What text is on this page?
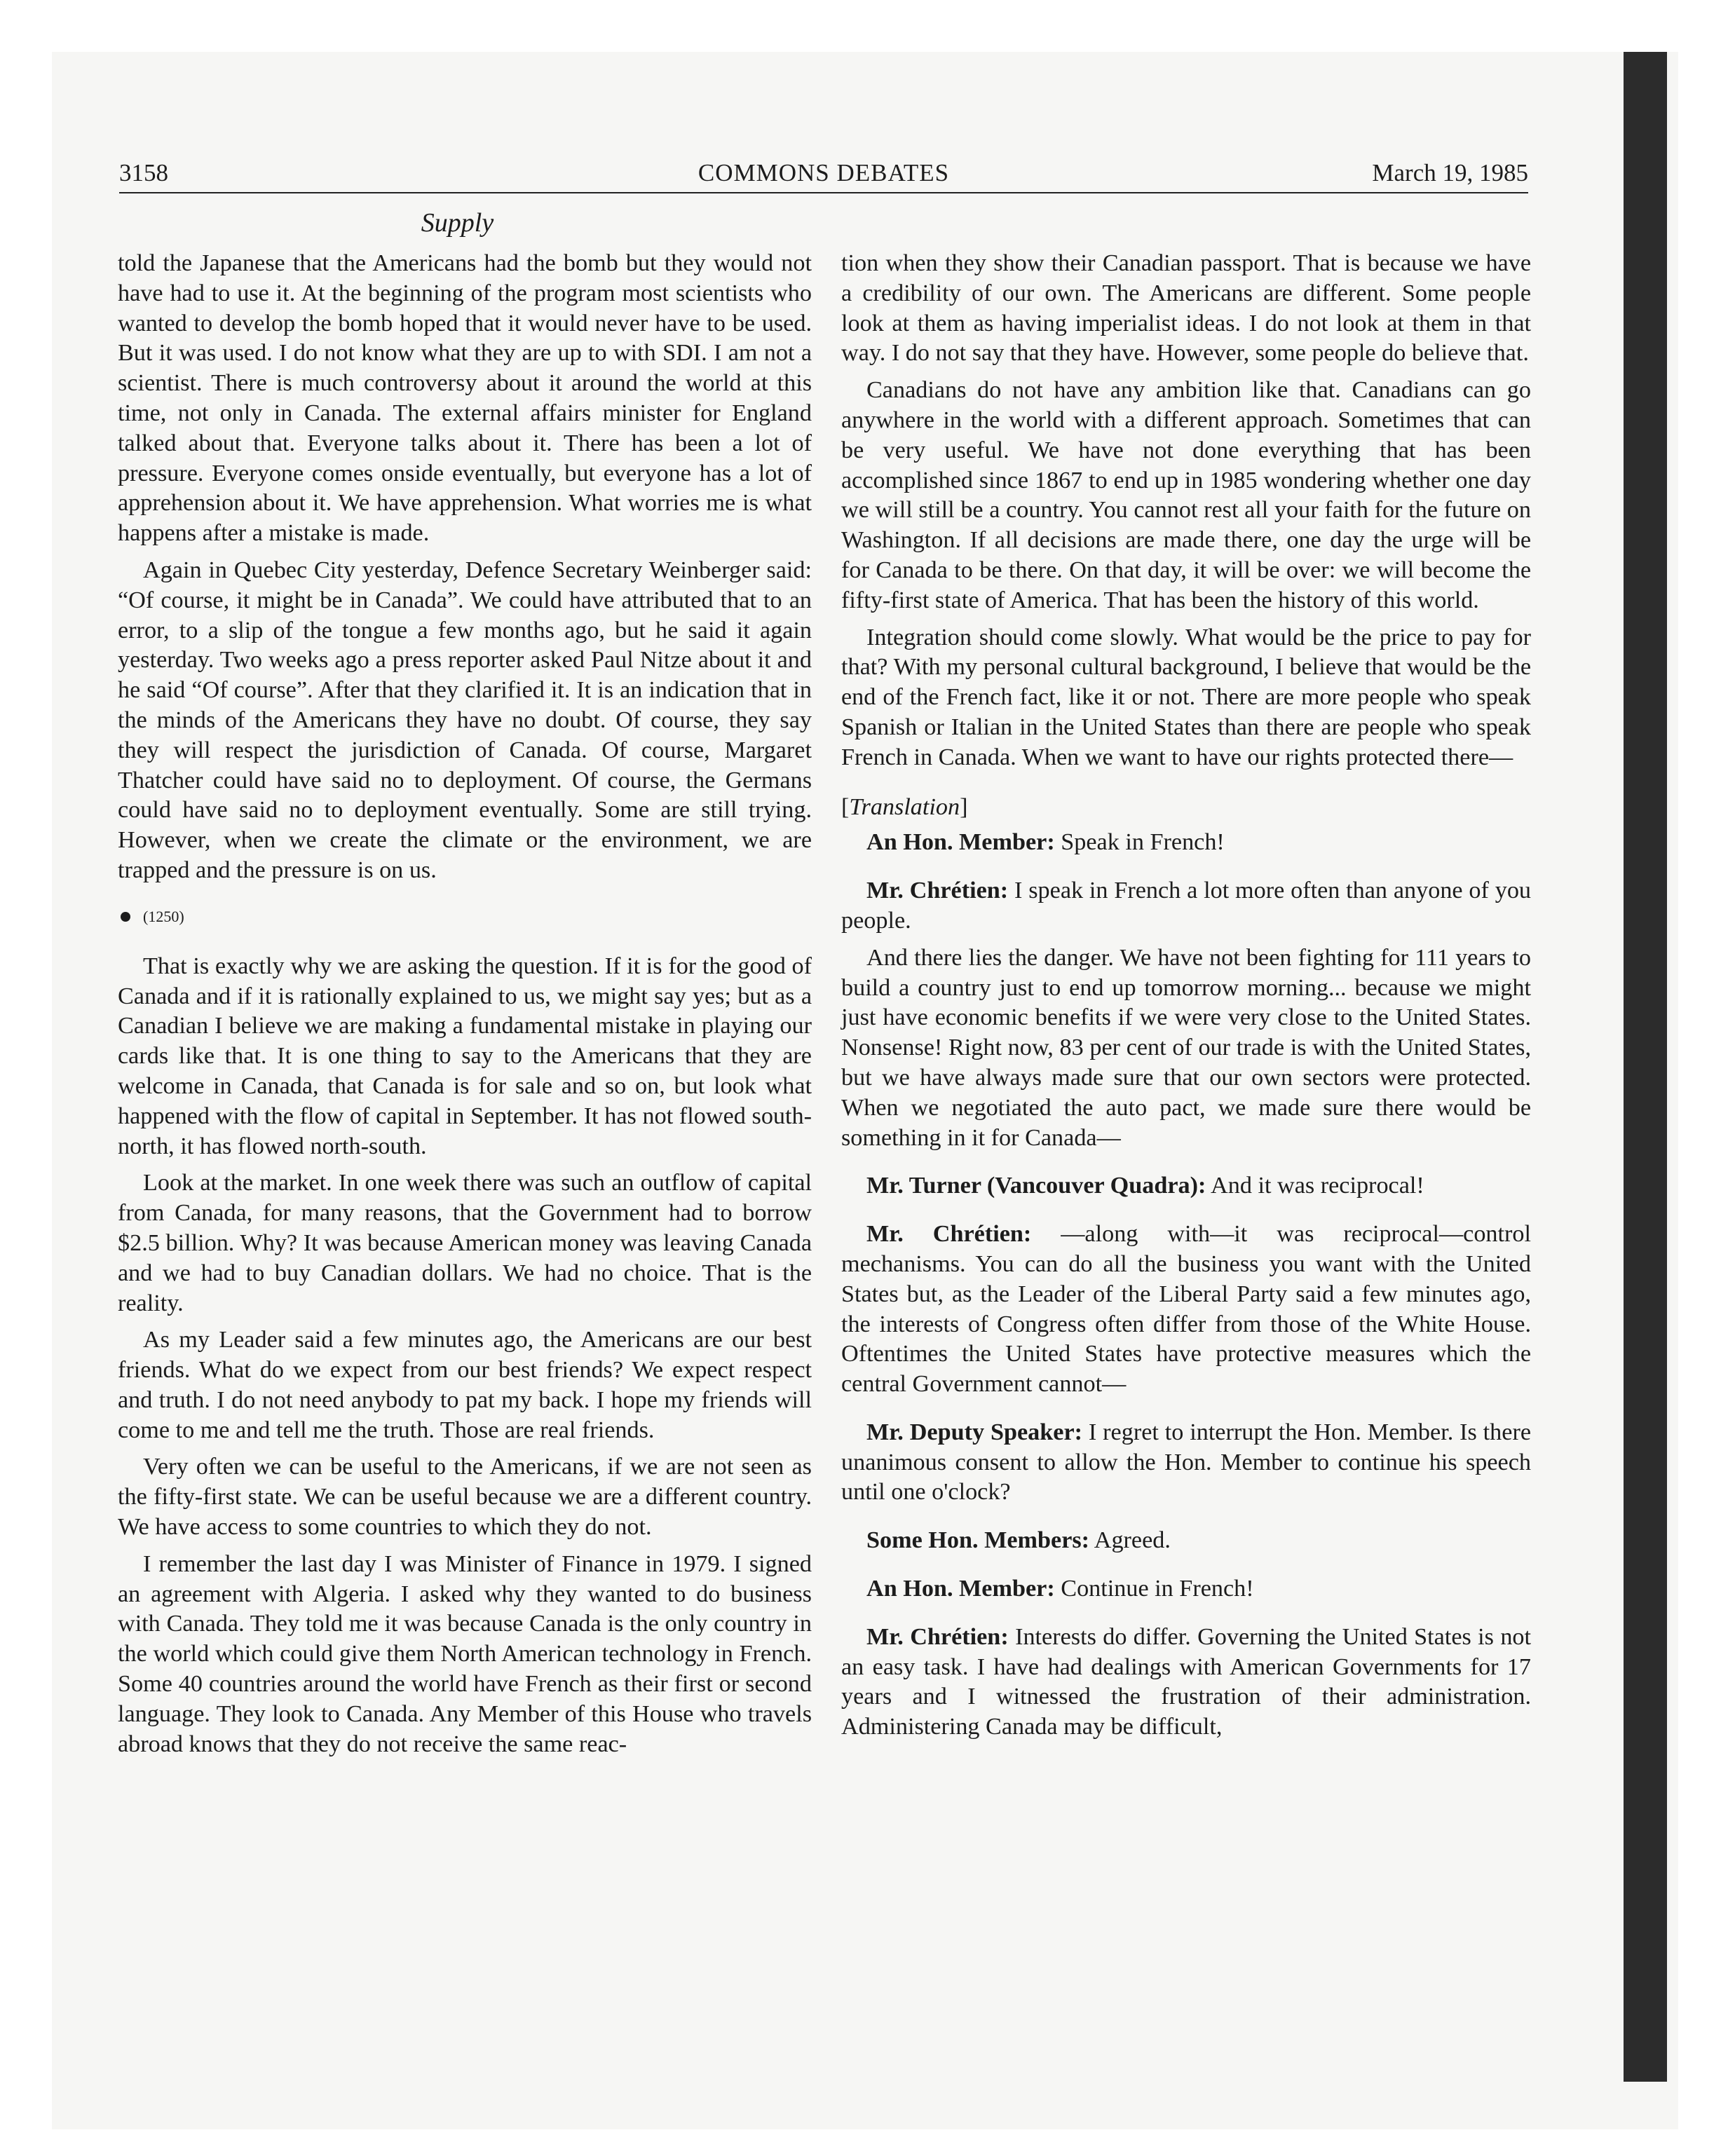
3158	COMMONS DEBATES	March 19, 1985
Supply

told the Japanese that the Americans had the bomb but they would not have had to use it. At the beginning of the program most scientists who wanted to develop the bomb hoped that it would never have to be used. But it was used. I do not know what they are up to with SDI. I am not a scientist. There is much controversy about it around the world at this time, not only in Canada. The external affairs minister for England talked about that. Everyone talks about it. There has been a lot of pressure. Everyone comes onside eventually, but everyone has a lot of apprehension about it. We have apprehension. What worries me is what happens after a mistake is made.

Again in Quebec City yesterday, Defence Secretary Weinberger said: “Of course, it might be in Canada”. We could have attributed that to an error, to a slip of the tongue a few months ago, but he said it again yesterday. Two weeks ago a press reporter asked Paul Nitze about it and he said “Of course”. After that they clarified it. It is an indication that in the minds of the Americans they have no doubt. Of course, they say they will respect the jurisdiction of Canada. Of course, Margaret Thatcher could have said no to deployment. Of course, the Germans could have said no to deployment eventually. Some are still trying. However, when we create the climate or the environment, we are trapped and the pressure is on us.

(1250)

That is exactly why we are asking the question. If it is for the good of Canada and if it is rationally explained to us, we might say yes; but as a Canadian I believe we are making a fundamental mistake in playing our cards like that. It is one thing to say to the Americans that they are welcome in Canada, that Canada is for sale and so on, but look what happened with the flow of capital in September. It has not flowed south-north, it has flowed north-south.

Look at the market. In one week there was such an outflow of capital from Canada, for many reasons, that the Government had to borrow $2.5 billion. Why? It was because American money was leaving Canada and we had to buy Canadian dollars. We had no choice. That is the reality.

As my Leader said a few minutes ago, the Americans are our best friends. What do we expect from our best friends? We expect respect and truth. I do not need anybody to pat my back. I hope my friends will come to me and tell me the truth. Those are real friends.

Very often we can be useful to the Americans, if we are not seen as the fifty-first state. We can be useful because we are a different country. We have access to some countries to which they do not.

I remember the last day I was Minister of Finance in 1979. I signed an agreement with Algeria. I asked why they wanted to do business with Canada. They told me it was because Canada is the only country in the world which could give them North American technology in French. Some 40 countries around the world have French as their first or second language. They look to Canada. Any Member of this House who travels abroad knows that they do not receive the same reac-

tion when they show their Canadian passport. That is because we have a credibility of our own. The Americans are different. Some people look at them as having imperialist ideas. I do not look at them in that way. I do not say that they have. However, some people do believe that.

Canadians do not have any ambition like that. Canadians can go anywhere in the world with a different approach. Sometimes that can be very useful. We have not done everything that has been accomplished since 1867 to end up in 1985 wondering whether one day we will still be a country. You cannot rest all your faith for the future on Washington. If all decisions are made there, one day the urge will be for Canada to be there. On that day, it will be over: we will become the fifty-first state of America. That has been the history of this world.

Integration should come slowly. What would be the price to pay for that? With my personal cultural background, I believe that would be the end of the French fact, like it or not. There are more people who speak Spanish or Italian in the United States than there are people who speak French in Canada. When we want to have our rights protected there—

[Translation]

An Hon. Member: Speak in French!

Mr. Chrétien: I speak in French a lot more often than anyone of you people.

And there lies the danger. We have not been fighting for 111 years to build a country just to end up tomorrow morning... because we might just have economic benefits if we were very close to the United States. Nonsense! Right now, 83 per cent of our trade is with the United States, but we have always made sure that our own sectors were protected. When we negotiated the auto pact, we made sure there would be something in it for Canada—

Mr. Turner (Vancouver Quadra): And it was reciprocal!

Mr. Chrétien: —along with—it was reciprocal—control mechanisms. You can do all the business you want with the United States but, as the Leader of the Liberal Party said a few minutes ago, the interests of Congress often differ from those of the White House. Oftentimes the United States have protective measures which the central Government cannot—

Mr. Deputy Speaker: I regret to interrupt the Hon. Member. Is there unanimous consent to allow the Hon. Member to continue his speech until one o'clock?

Some Hon. Members: Agreed.

An Hon. Member: Continue in French!

Mr. Chrétien: Interests do differ. Governing the United States is not an easy task. I have had dealings with American Governments for 17 years and I witnessed the frustration of their administration. Administering Canada may be difficult,
